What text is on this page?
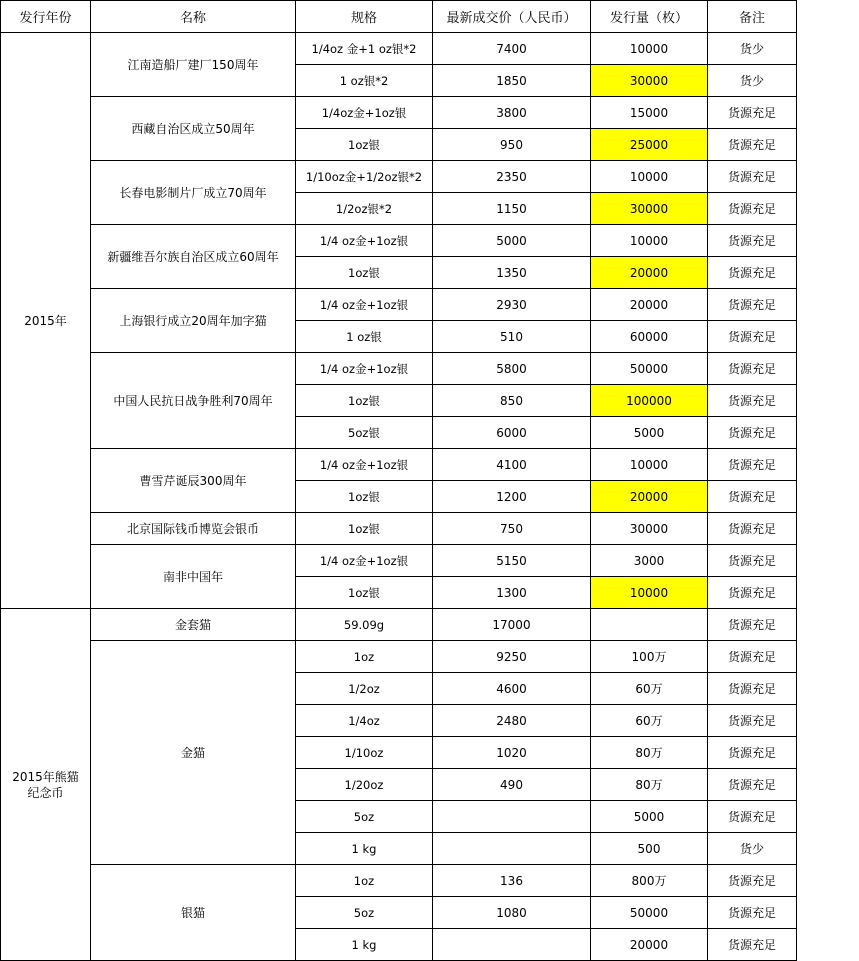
发行年份	名称	规格	最新成交价（人民币）	发行量（枚）	备注
2015年	江南造船厂建厂150周年	1/4oz 金+1 oz银*2	7400	10000	货少
		1 oz银*2	1850	30000	货少
	西藏自治区成立50周年	1/4oz金+1oz银	3800	15000	货源充足
		1oz银	950	25000	货源充足
	长春电影制片厂成立70周年	1/10oz金+1/2oz银*2	2350	10000	货源充足
		1/2oz银*2	1150	30000	货源充足
	新疆维吾尔族自治区成立60周年	1/4 oz金+1oz银	5000	10000	货源充足
		1oz银	1350	20000	货源充足
	上海银行成立20周年加字猫	1/4 oz金+1oz银	2930	20000	货源充足
		1 oz银	510	60000	货源充足
	中国人民抗日战争胜利70周年	1/4 oz金+1oz银	5800	50000	货源充足
		1oz银	850	100000	货源充足
		5oz银	6000	5000	货源充足
	曹雪芹诞辰300周年	1/4 oz金+1oz银	4100	10000	货源充足
		1oz银	1200	20000	货源充足
	北京国际钱币博览会银币	1oz银	750	30000	货源充足
	南非中国年	1/4 oz金+1oz银	5150	3000	货源充足
		1oz银	1300	10000	货源充足
2015年熊猫
纪念币	金套猫	59.09g	17000		货源充足
	金猫	1oz	9250	100万	货源充足
		1/2oz	4600	60万	货源充足
		1/4oz	2480	60万	货源充足
		1/10oz	1020	80万	货源充足
		1/20oz	490	80万	货源充足
		5oz		5000	货源充足
		1 kg		500	货少
	银猫	1oz	136	800万	货源充足
		5oz	1080	50000	货源充足
		1 kg		20000	货源充足
